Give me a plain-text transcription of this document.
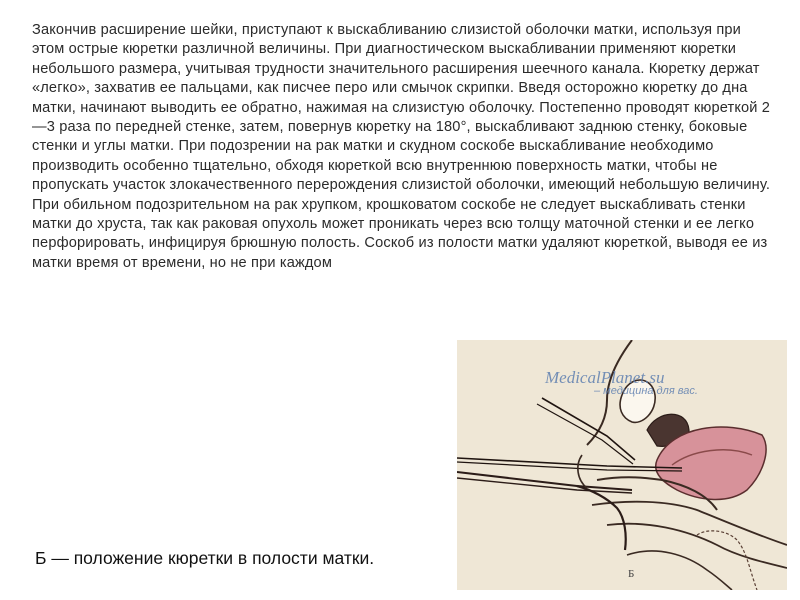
Закончив расширение шейки, приступают к выскабливанию слизистой оболочки матки, используя при этом острые кюретки различной величины. При диагностическом выскабливании применяют кюретки небольшого размера, учитывая трудности значительного расширения шеечного канала. Кюретку держат «легко», захватив ее пальцами, как писчее перо или смычок скрипки. Введя осторожно кюретку до дна матки, начинают выводить ее обратно, нажимая на слизистую оболочку. Постепенно проводят кюреткой 2—3 раза по передней стенке, затем, повернув кюретку на 180°, выскабливают заднюю стенку, боковые стенки и углы матки. При подозрении на рак матки и скудном соскобе выскабливание необходимо производить особенно тщательно, обходя кюреткой всю внутреннюю поверхность матки, чтобы не пропускать участок злокачественного перерождения слизистой оболочки, имеющий небольшую величину. При обильном подозрительном на рак хрупком, крошковатом соскобе не следует выскабливать стенки матки до хруста, так как раковая опухоль может проникать через всю толщу маточной стенки и ее легко перфорировать, инфицируя брюшную полость. Соскоб из полости матки удаляют кюреткой, выводя ее из матки время от времени, но не при каждом

MedicalPlanet.su
– медицина для вас.
Б

Б — положение кюретки в полости матки.
